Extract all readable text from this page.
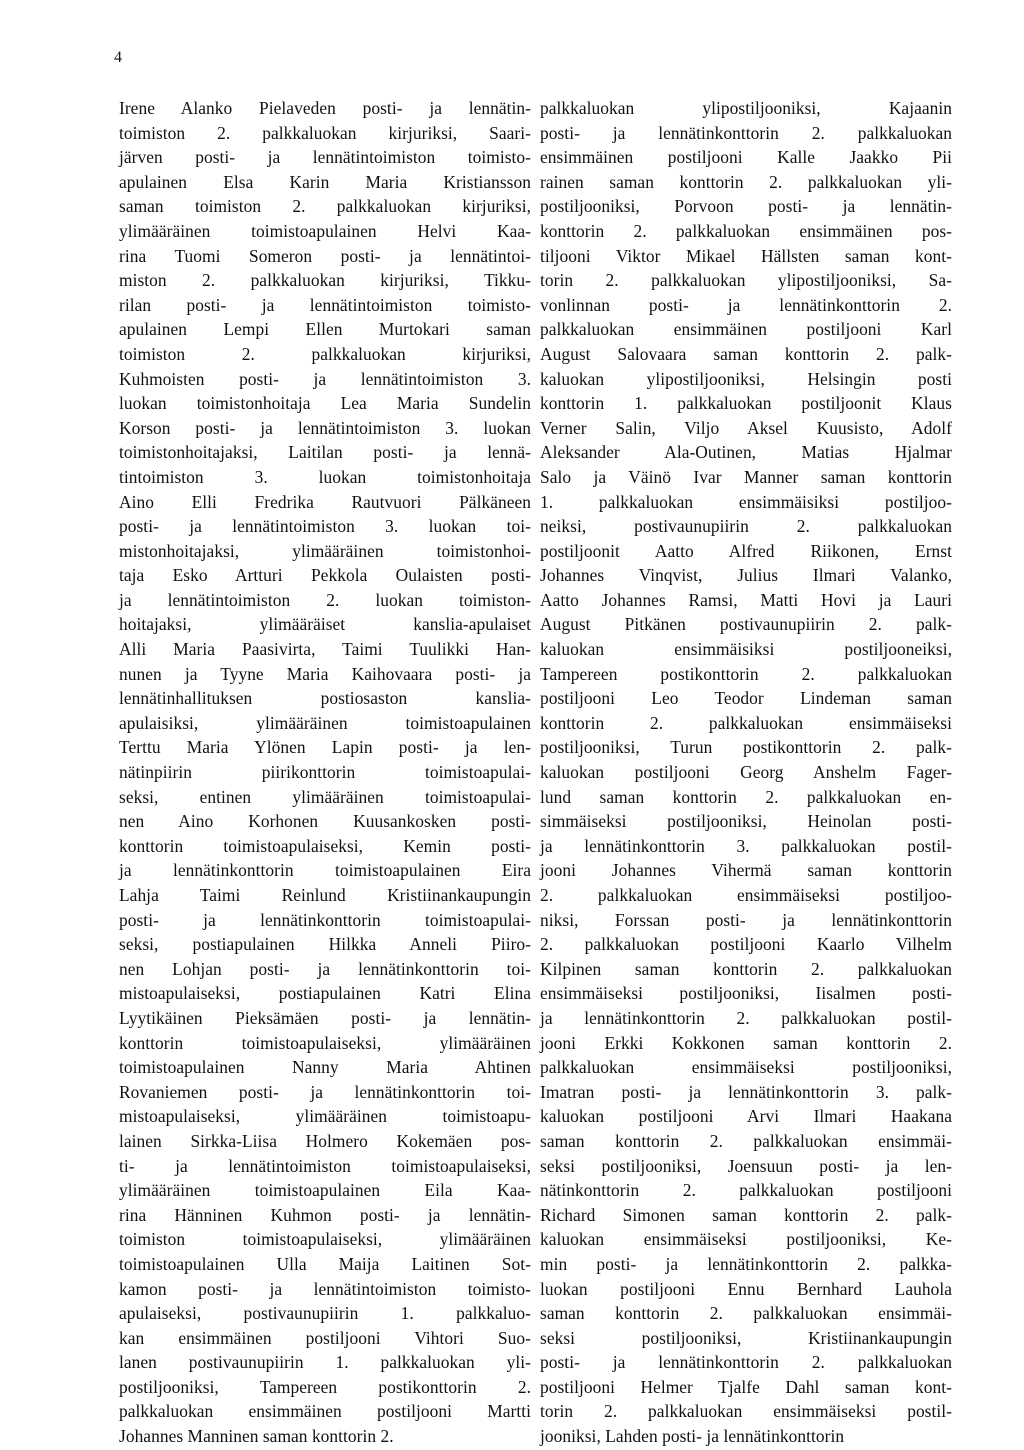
4
Irene Alanko Pielaveden posti- ja lennätin-
toimiston 2. palkkaluokan kirjuriksi, Saari-
järven posti- ja lennätintoimiston toimisto-
apulainen Elsa Karin Maria Kristiansson
saman toimiston 2. palkkaluokan kirjuriksi,
ylimääräinen toimistoapulainen Helvi Kaa-
rina Tuomi Someron posti- ja lennätintoi-
miston 2. palkkaluokan kirjuriksi, Tikku-
rilan posti- ja lennätintoimiston toimisto-
apulainen Lempi Ellen Murtokari saman
toimiston 2. palkkaluokan kirjuriksi,
Kuhmoisten posti- ja lennätintoimiston 3.
luokan toimistonhoitaja Lea Maria Sundelin
Korson posti- ja lennätintoimiston 3. luokan
toimistonhoitajaksi, Laitilan posti- ja lennä-
tintoimiston 3. luokan toimistonhoitaja
Aino Elli Fredrika Rautvuori Pälkäneen
posti- ja lennätintoimiston 3. luokan toi-
mistonhoitajaksi, ylimääräinen toimistonhoi-
taja Esko Artturi Pekkola Oulaisten posti-
ja lennätintoimiston 2. luokan toimiston-
hoitajaksi, ylimääräiset kanslia-apulaiset
Alli Maria Paasivirta, Taimi Tuulikki Han-
nunen ja Tyyne Maria Kaihovaara posti- ja
lennätinhallituksen postiosaston kanslia-
apulaisiksi, ylimääräinen toimistoapulainen
Terttu Maria Ylönen Lapin posti- ja len-
nätinpiirin piirikonttorin toimistoapulai-
seksi, entinen ylimääräinen toimistoapulai-
nen Aino Korhonen Kuusankosken posti-
konttorin toimistoapulaiseksi, Kemin posti-
ja lennätinkonttorin toimistoapulainen Eira
Lahja Taimi Reinlund Kristiinankaupungin
posti- ja lennätinkonttorin toimistoapulai-
seksi, postiapulainen Hilkka Anneli Piiro-
nen Lohjan posti- ja lennätinkonttorin toi-
mistoapulaiseksi, postiapulainen Katri Elina
Lyytikäinen Pieksämäen posti- ja lennätin-
konttorin toimistoapulaiseksi, ylimääräinen
toimistoapulainen Nanny Maria Ahtinen
Rovaniemen posti- ja lennätinkonttorin toi-
mistoapulaiseksi, ylimääräinen toimistoapu-
lainen Sirkka-Liisa Holmero Kokemäen pos-
ti- ja lennätintoimiston toimistoapulaiseksi,
ylimääräinen toimistoapulainen Eila Kaa-
rina Hänninen Kuhmon posti- ja lennätin-
toimiston toimistoapulaiseksi, ylimääräinen
toimistoapulainen Ulla Maija Laitinen Sot-
kamon posti- ja lennätintoimiston toimisto-
apulaiseksi, postivaunupiirin 1. palkkaluo-
kan ensimmäinen postiljooni Vihtori Suo-
lanen postivaunupiirin 1. palkkaluokan yli-
postiljooniksi, Tampereen postikonttorin 2.
palkkaluokan ensimmäinen postiljooni Martti
Johannes Manninen saman konttorin 2.
palkkaluokan ylipostiljooniksi, Kajaanin
posti- ja lennätinkonttorin 2. palkkaluokan
ensimmäinen postiljooni Kalle Jaakko Pii
rainen saman konttorin 2. palkkaluokan yli-
postiljooniksi, Porvoon posti- ja lennätin-
konttorin 2. palkkaluokan ensimmäinen pos-
tiljooni Viktor Mikael Hällsten saman kont-
torin 2. palkkaluokan ylipostiljooniksi, Sa-
vonlinnan posti- ja lennätinkonttorin 2.
palkkaluokan ensimmäinen postiljooni Karl
August Salovaara saman konttorin 2. palk-
kaluokan ylipostiljooniksi, Helsingin posti
konttorin 1. palkkaluokan postiljoonit Klaus
Verner Salin, Viljo Aksel Kuusisto, Adolf
Aleksander Ala-Outinen, Matias Hjalmar
Salo ja Väinö Ivar Manner saman konttorin
1. palkkaluokan ensimmäisiksi postiljoo-
neiksi, postivaunupiirin 2. palkkaluokan
postiljoonit Aatto Alfred Riikonen, Ernst
Johannes Vinqvist, Julius Ilmari Valanko,
Aatto Johannes Ramsi, Matti Hovi ja Lauri
August Pitkänen postivaunupiirin 2. palk-
kaluokan ensimmäisiksi postiljooneiksi,
Tampereen postikonttorin 2. palkkaluokan
postiljooni Leo Teodor Lindeman saman
konttorin 2. palkkaluokan ensimmäiseksi
postiljooniksi, Turun postikonttorin 2. palk-
kaluokan postiljooni Georg Anshelm Fager-
lund saman konttorin 2. palkkaluokan en-
simmäiseksi postiljooniksi, Heinolan posti-
ja lennätinkonttorin 3. palkkaluokan postil-
jooni Johannes Vihermä saman konttorin
2. palkkaluokan ensimmäiseksi postiljoo-
niksi, Forssan posti- ja lennätinkonttorin
2. palkkaluokan postiljooni Kaarlo Vilhelm
Kilpinen saman konttorin 2. palkkaluokan
ensimmäiseksi postiljooniksi, Iisalmen posti-
ja lennätinkonttorin 2. palkkaluokan postil-
jooni Erkki Kokkonen saman konttorin 2.
palkkaluokan ensimmäiseksi postiljooniksi,
Imatran posti- ja lennätinkonttorin 3. palk-
kaluokan postiljooni Arvi Ilmari Haakana
saman konttorin 2. palkkaluokan ensimmäi-
seksi postiljooniksi, Joensuun posti- ja len-
nätinkonttorin 2. palkkaluokan postiljooni
Richard Simonen saman konttorin 2. palk-
kaluokan ensimmäiseksi postiljooniksi, Ke-
min posti- ja lennätinkonttorin 2. palkka-
luokan postiljooni Ennu Bernhard Lauhola
saman konttorin 2. palkkaluokan ensimmäi-
seksi postiljooniksi, Kristiinankaupungin
posti- ja lennätinkonttorin 2. palkkaluokan
postiljooni Helmer Tjalfe Dahl saman kont-
torin 2. palkkaluokan ensimmäiseksi postil-
jooniksi, Lahden posti- ja lennätinkonttorin
